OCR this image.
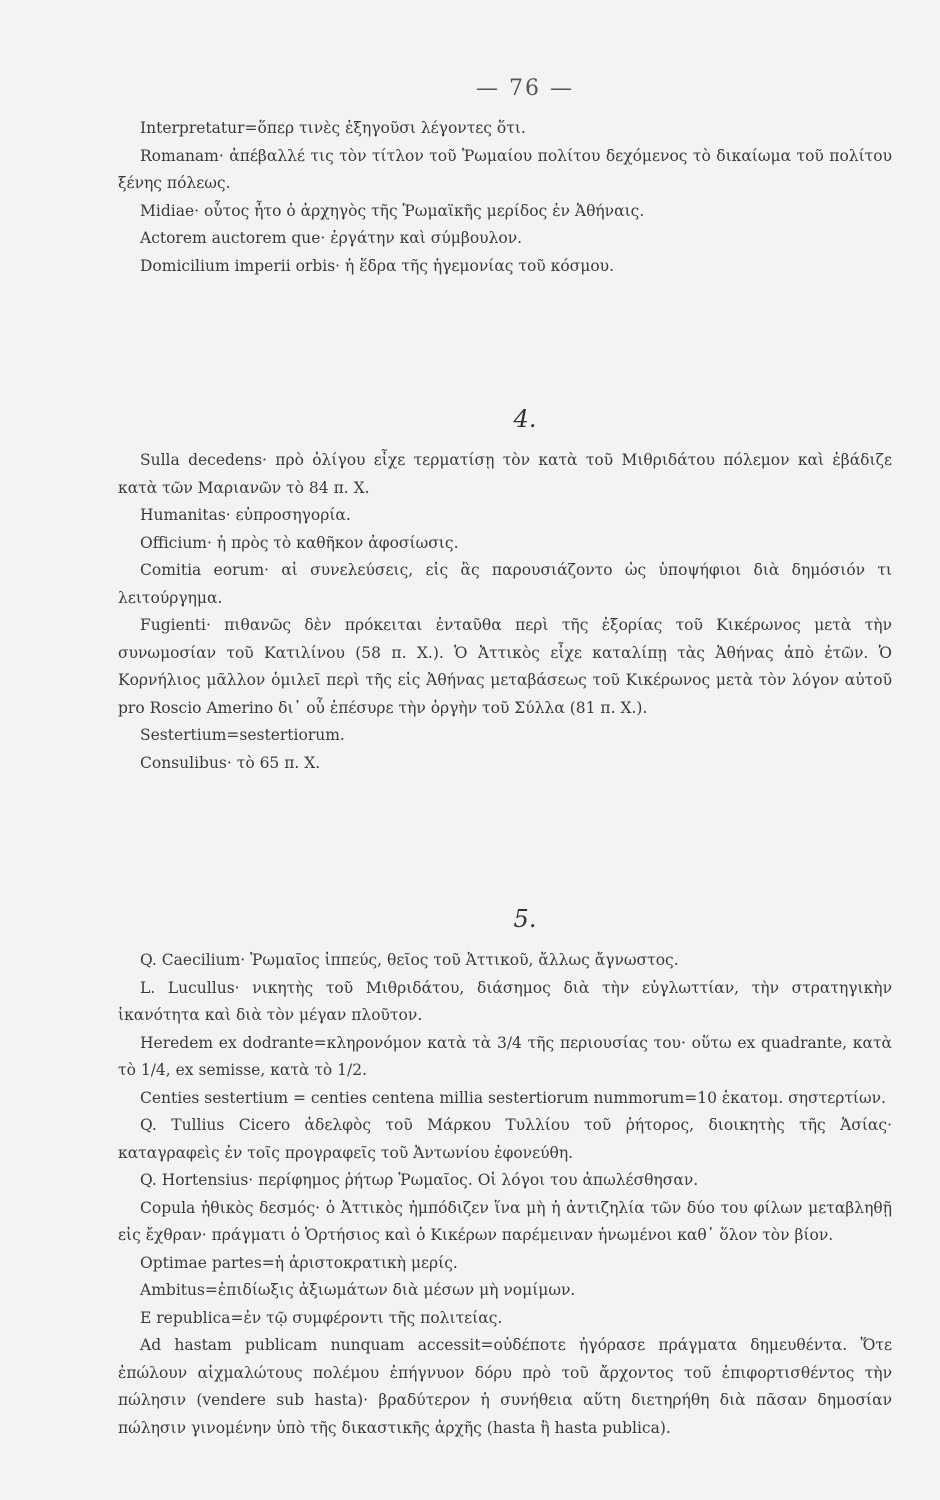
— 76 —

Interpretatur=ὅπερ τινὲς ἐξηγοῦσι λέγοντες ὅτι.

Romanam· ἀπέβαλλέ τις τὸν τίτλον τοῦ Ῥωμαίου πολίτου δεχόμενος τὸ δικαίωμα τοῦ πολίτου ξένης πόλεως.

Midiae· οὗτος ἦτο ὁ ἀρχηγὸς τῆς Ῥωμαϊκῆς μερίδος ἐν Ἀθήναις.

Actorem auctorem que· ἐργάτην καὶ σύμβουλον.

Domicilium imperii orbis· ἡ ἕδρα τῆς ἡγεμονίας τοῦ κόσμου.

4.

Sulla decedens· πρὸ ὀλίγου εἶχε τερματίσῃ τὸν κατὰ τοῦ Μιθριδάτου πόλεμον καὶ ἐβάδιζε κατὰ τῶν Μαριανῶν τὸ 84 π. Χ.

Humanitas· εὐπροσηγορία.

Officium· ἡ πρὸς τὸ καθῆκον ἀφοσίωσις.

Comitia eorum· αἱ συνελεύσεις, εἰς ἃς παρουσιάζοντο ὡς ὑποψήφιοι διὰ δημόσιόν τι λειτούργημα.

Fugienti· πιθανῶς δὲν πρόκειται ἐνταῦθα περὶ τῆς ἐξορίας τοῦ Κικέρωνος μετὰ τὴν συνωμοσίαν τοῦ Κατιλίνου (58 π. Χ.). Ὁ Ἀττικὸς εἶχε καταλίπῃ τὰς Ἀθήνας ἀπὸ ἐτῶν. Ὁ Κορνήλιος μᾶλλον ὁμιλεῖ περὶ τῆς εἰς Ἀθήνας μεταβάσεως τοῦ Κικέρωνος μετὰ τὸν λόγον αὐτοῦ pro Roscio Amerino δι᾽ οὗ ἐπέσυρε τὴν ὀργὴν τοῦ Σύλλα (81 π. Χ.).

Sestertium=sestertiorum.

Consulibus· τὸ 65 π. Χ.

5.

Q. Caecilium· Ῥωμαῖος ἱππεύς, θεῖος τοῦ Ἀττικοῦ, ἄλλως ἄγνωστος.

L. Lucullus· νικητὴς τοῦ Μιθριδάτου, διάσημος διὰ τὴν εὐγλωττίαν, τὴν στρατηγικὴν ἱκανότητα καὶ διὰ τὸν μέγαν πλοῦτον.

Heredem ex dodrante=κληρονόμον κατὰ τὰ 3/4 τῆς περιουσίας του· οὕτω ex quadrante, κατὰ τὸ 1/4, ex semisse, κατὰ τὸ 1/2.

Centies sestertium = centies centena millia sestertiorum nummorum=10 ἑκατομ. σηστερτίων.

Q. Tullius Cicero ἀδελφὸς τοῦ Μάρκου Τυλλίου τοῦ ῥήτορος, διοικητὴς τῆς Ἀσίας· καταγραφεὶς ἐν τοῖς προγραφεῖς τοῦ Ἀντωνίου ἐφονεύθη.

Q. Hortensius· περίφημος ῥήτωρ Ῥωμαῖος. Οἱ λόγοι του ἀπωλέσθησαν.

Copula ἠθικὸς δεσμός· ὁ Ἀττικὸς ἠμπόδιζεν ἵνα μὴ ἡ ἀντιζηλία τῶν δύο του φίλων μεταβληθῇ εἰς ἔχθραν· πράγματι ὁ Ὁρτήσιος καὶ ὁ Κικέρων παρέμειναν ἡνωμένοι καθ᾽ ὅλον τὸν βίον.

Optimae partes=ἡ ἀριστοκρατικὴ μερίς.

Ambitus=ἐπιδίωξις ἀξιωμάτων διὰ μέσων μὴ νομίμων.

E republica=ἐν τῷ συμφέροντι τῆς πολιτείας.

Ad hastam publicam nunquam accessit=οὐδέποτε ἠγόρασε πράγματα δημευθέντα. Ὅτε ἐπώλουν αἰχμαλώτους πολέμου ἐπήγνυον δόρυ πρὸ τοῦ ἄρχοντος τοῦ ἐπιφορτισθέντος τὴν πώλησιν (vendere sub hasta)· βραδύτερον ἡ συνήθεια αὕτη διετηρήθη διὰ πᾶσαν δημοσίαν πώλησιν γινομένην ὑπὸ τῆς δικαστικῆς ἀρχῆς (hasta ἢ hasta publica).
